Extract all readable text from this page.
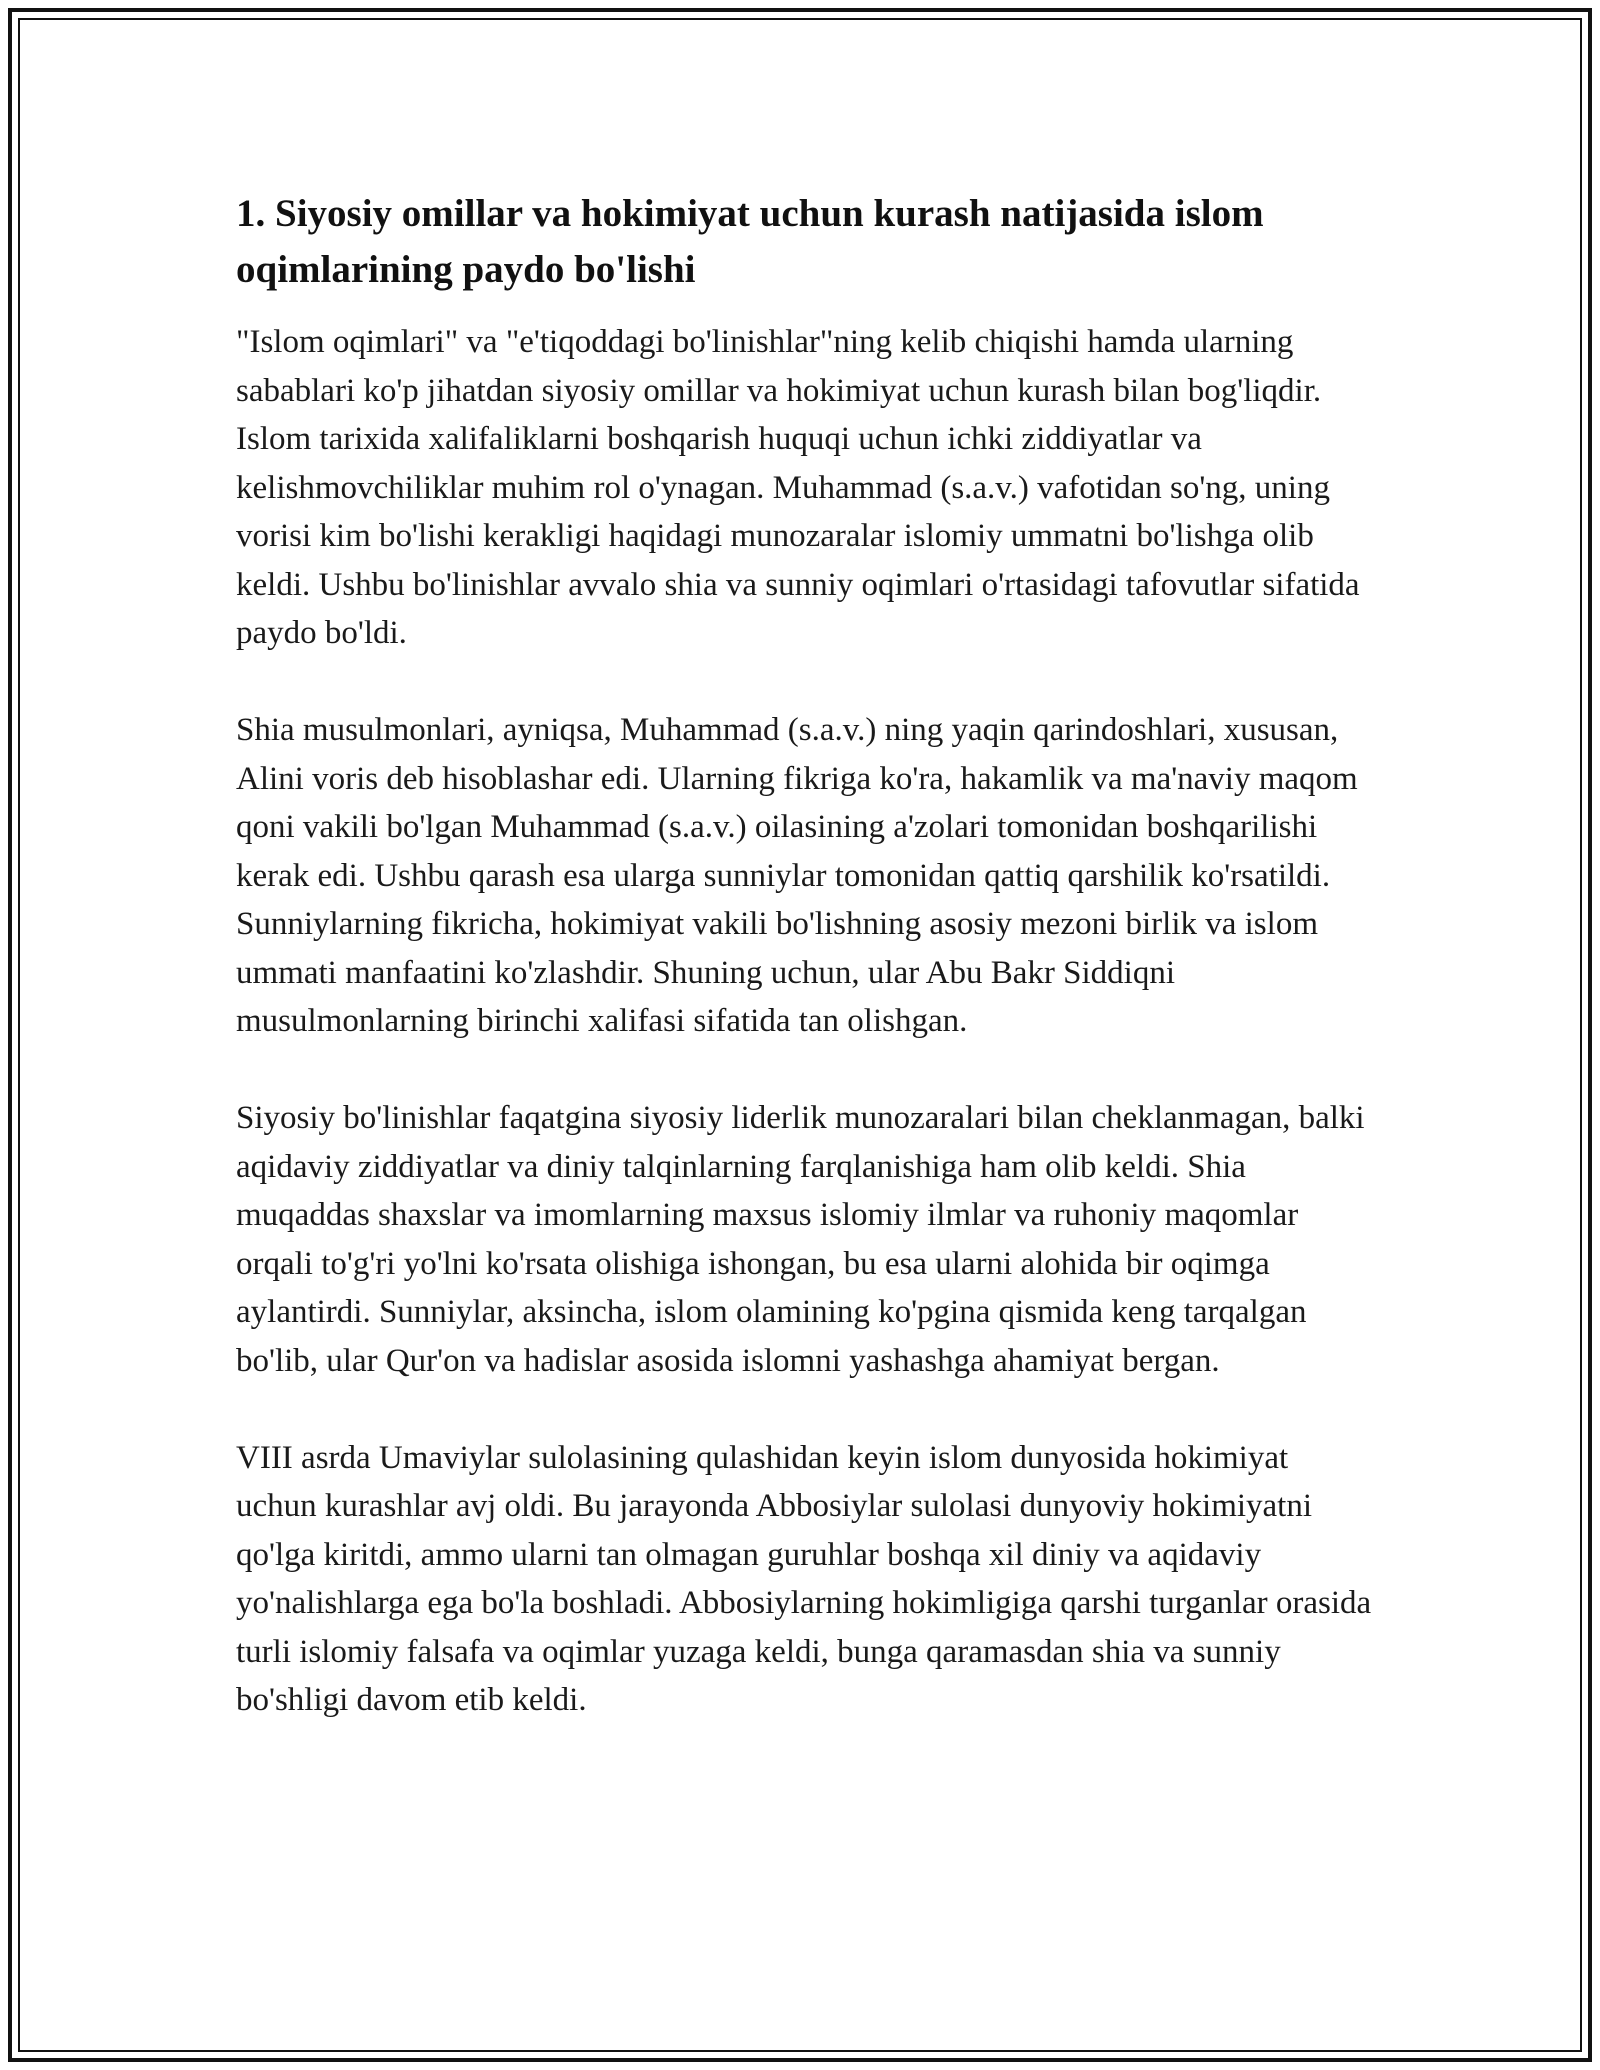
1. Siyosiy omillar va hokimiyat uchun kurash natijasida islom oqimlarining paydo bo'lishi

"Islom oqimlari" va "e'tiqoddagi bo'linishlar"ning kelib chiqishi hamda ularning sabablari ko'p jihatdan siyosiy omillar va hokimiyat uchun kurash bilan bog'liqdir. Islom tarixida xalifaliklarni boshqarish huquqi uchun ichki ziddiyatlar va kelishmovchiliklar muhim rol o'ynagan. Muhammad (s.a.v.) vafotidan so'ng, uning vorisi kim bo'lishi kerakligi haqidagi munozaralar islomiy ummatni bo'lishga olib keldi. Ushbu bo'linishlar avvalo shia va sunniy oqimlari o'rtasidagi tafovutlar sifatida paydo bo'ldi.

Shia musulmonlari, ayniqsa, Muhammad (s.a.v.) ning yaqin qarindoshlari, xususan, Alini voris deb hisoblashar edi. Ularning fikriga ko'ra, hakamlik va ma'naviy maqom qoni vakili bo'lgan Muhammad (s.a.v.) oilasining a'zolari tomonidan boshqarilishi kerak edi. Ushbu qarash esa ularga sunniylar tomonidan qattiq qarshilik ko'rsatildi. Sunniylarning fikricha, hokimiyat vakili bo'lishning asosiy mezoni birlik va islom ummati manfaatini ko'zlashdir. Shuning uchun, ular Abu Bakr Siddiqni musulmonlarning birinchi xalifasi sifatida tan olishgan.

Siyosiy bo'linishlar faqatgina siyosiy liderlik munozaralari bilan cheklanmagan, balki aqidaviy ziddiyatlar va diniy talqinlarning farqlanishiga ham olib keldi. Shia muqaddas shaxslar va imomlarning maxsus islomiy ilmlar va ruhoniy maqomlar orqali to'g'ri yo'lni ko'rsata olishiga ishongan, bu esa ularni alohida bir oqimga aylantirdi. Sunniylar, aksincha, islom olamining ko'pgina qismida keng tarqalgan bo'lib, ular Qur'on va hadislar asosida islomni yashashga ahamiyat bergan.

VIII asrda Umaviylar sulolasining qulashidan keyin islom dunyosida hokimiyat uchun kurashlar avj oldi. Bu jarayonda Abbosiylar sulolasi dunyoviy hokimiyatni qo'lga kiritdi, ammo ularni tan olmagan guruhlar boshqa xil diniy va aqidaviy yo'nalishlarga ega bo'la boshladi. Abbosiylarning hokimligiga qarshi turganlar orasida turli islomiy falsafa va oqimlar yuzaga keldi, bunga qaramasdan shia va sunniy bo'shligi davom etib keldi.
